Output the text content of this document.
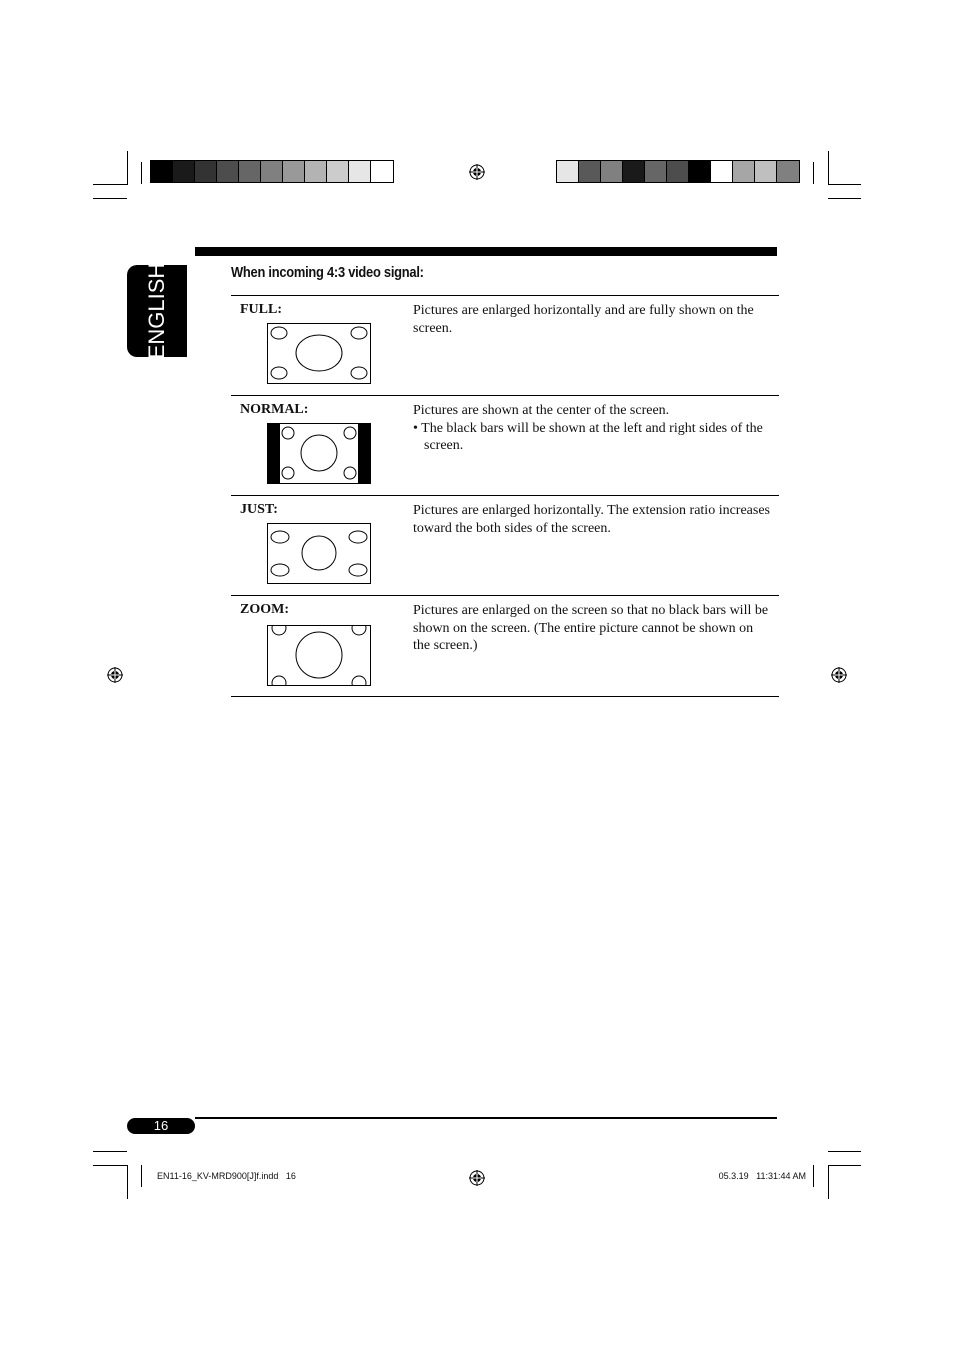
ENGLISH	When incoming 4:3 video signal:
FULL:	Pictures are enlarged horizontally and are fully shown on the screen.
NORMAL:	Pictures are shown at the center of the screen.
• The black bars will be shown at the left and right sides of the screen.
JUST:	Pictures are enlarged horizontally. The extension ratio increases toward the both sides of the screen.
ZOOM:	Pictures are enlarged on the screen so that no black bars will be shown on the screen. (The entire picture cannot be shown on the screen.)
16
EN11-16_KV-MRD900[J]f.indd   16	05.3.19   11:31:44 AM
